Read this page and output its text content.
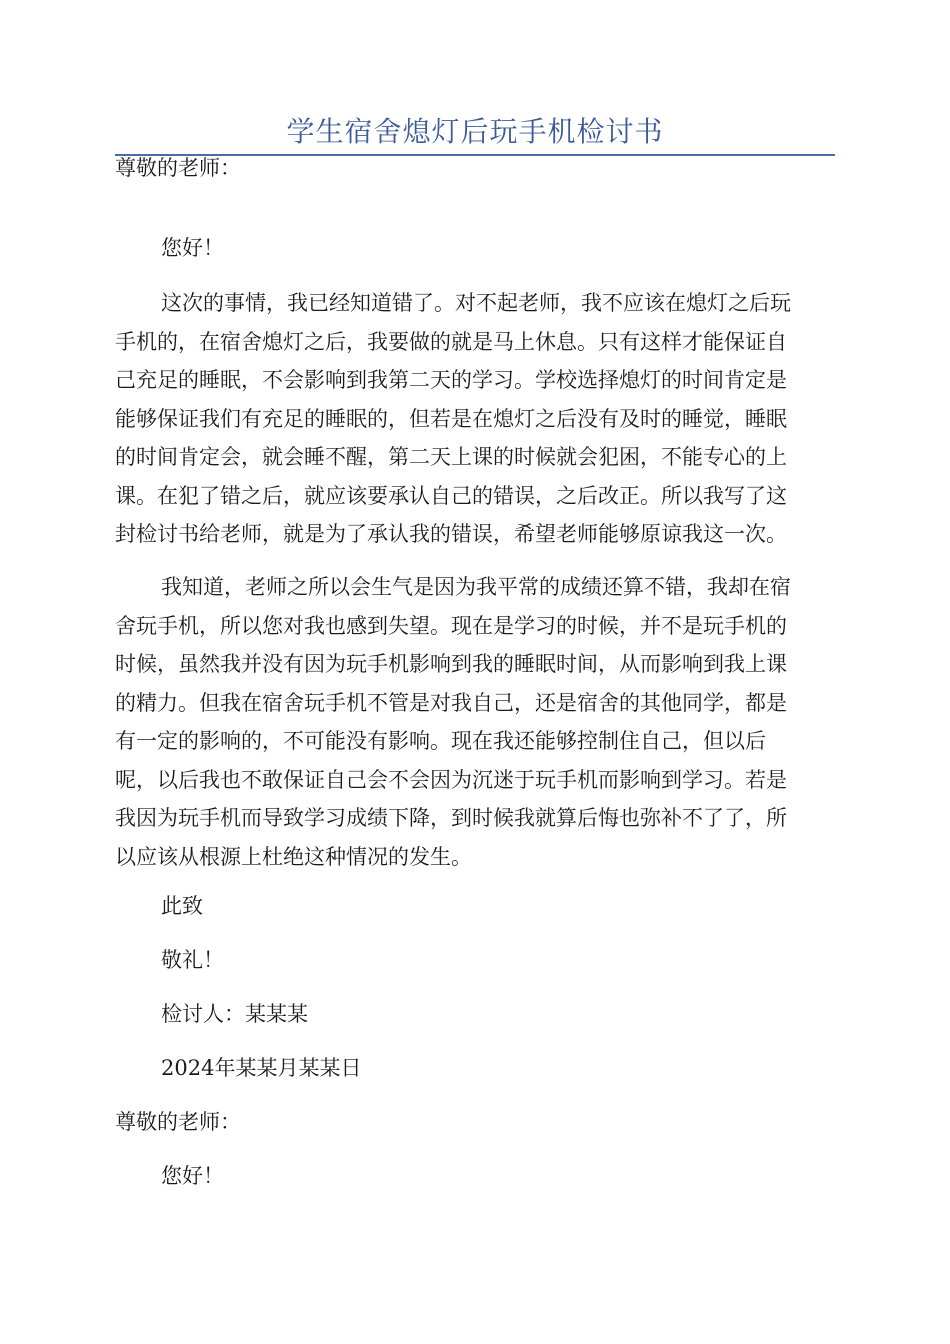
学生宿舍熄灯后玩手机检讨书
尊敬的老师：
您好！

这次的事情，我已经知道错了。对不起老师，我不应该在熄灯之后玩

手机的，在宿舍熄灯之后，我要做的就是马上休息。只有这样才能保证自

己充足的睡眠，不会影响到我第二天的学习。学校选择熄灯的时间肯定是

能够保证我们有充足的睡眠的，但若是在熄灯之后没有及时的睡觉，睡眠

的时间肯定会，就会睡不醒，第二天上课的时候就会犯困，不能专心的上

课。在犯了错之后，就应该要承认自己的错误，之后改正。所以我写了这

封检讨书给老师，就是为了承认我的错误，希望老师能够原谅我这一次。

我知道，老师之所以会生气是因为我平常的成绩还算不错，我却在宿

舍玩手机，所以您对我也感到失望。现在是学习的时候，并不是玩手机的

时候，虽然我并没有因为玩手机影响到我的睡眠时间，从而影响到我上课

的精力。但我在宿舍玩手机不管是对我自己，还是宿舍的其他同学，都是

有一定的影响的，不可能没有影响。现在我还能够控制住自己，但以后

呢，以后我也不敢保证自己会不会因为沉迷于玩手机而影响到学习。若是

我因为玩手机而导致学习成绩下降，到时候我就算后悔也弥补不了了，所

以应该从根源上杜绝这种情况的发生。

此致
敬礼！
检讨人：某某某
2024年某某月某某日
尊敬的老师：
您好！
